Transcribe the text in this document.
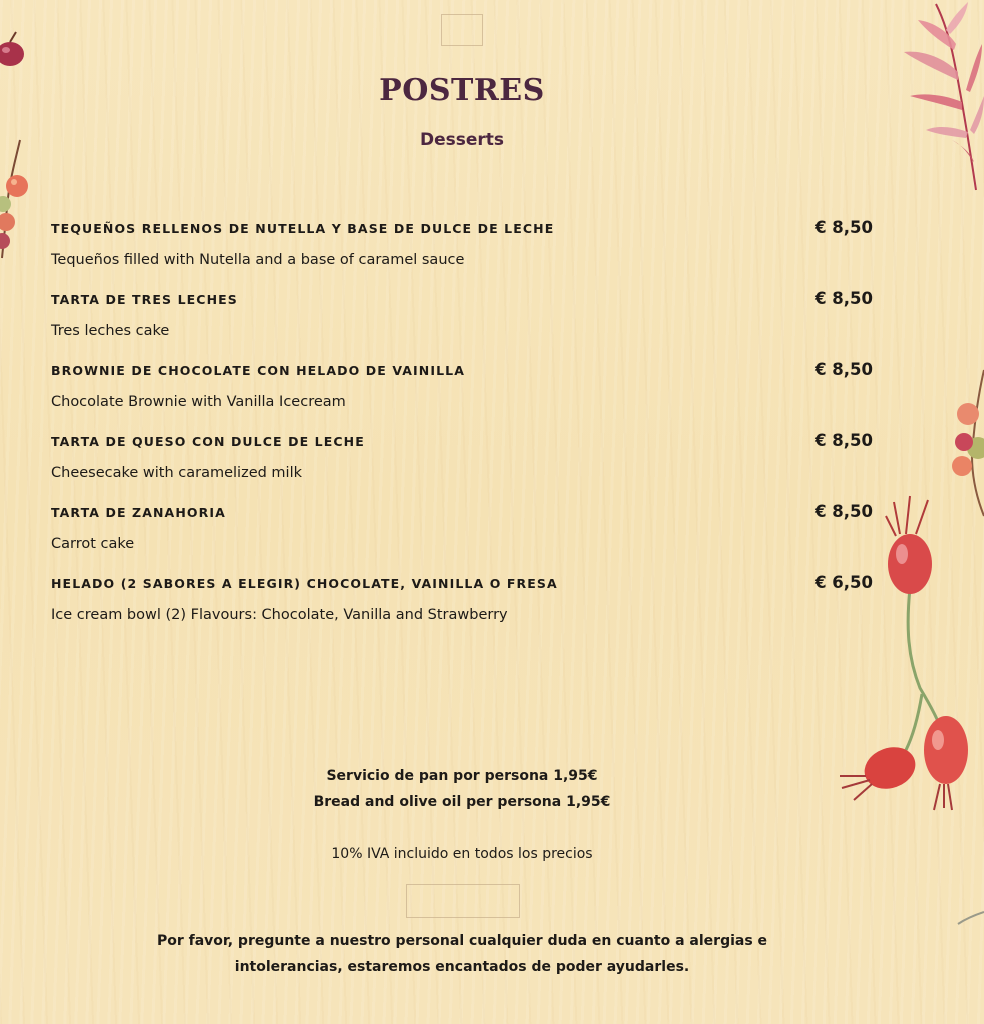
POSTRES
Desserts
TEQUEÑOS RELLENOS DE NUTELLA Y BASE DE DULCE DE LECHE
Tequeños filled with Nutella and a base of caramel sauce
€ 8,50
TARTA DE TRES LECHES
Tres leches cake
€ 8,50
BROWNIE DE CHOCOLATE CON HELADO DE VAINILLA
Chocolate Brownie with Vanilla Icecream
€ 8,50
TARTA DE QUESO CON DULCE DE LECHE
Cheesecake with caramelized milk
€ 8,50
TARTA DE ZANAHORIA
Carrot cake
€ 8,50
HELADO (2 SABORES A ELEGIR) CHOCOLATE, VAINILLA O FRESA
Ice cream bowl (2) Flavours: Chocolate, Vanilla and Strawberry
€ 6,50
Servicio de pan por persona 1,95€
Bread and olive oil per persona 1,95€
10% IVA incluido en todos los precios
Por favor, pregunte a nuestro personal cualquier duda en cuanto a alergias e
intolerancias, estaremos encantados de poder ayudarles.
